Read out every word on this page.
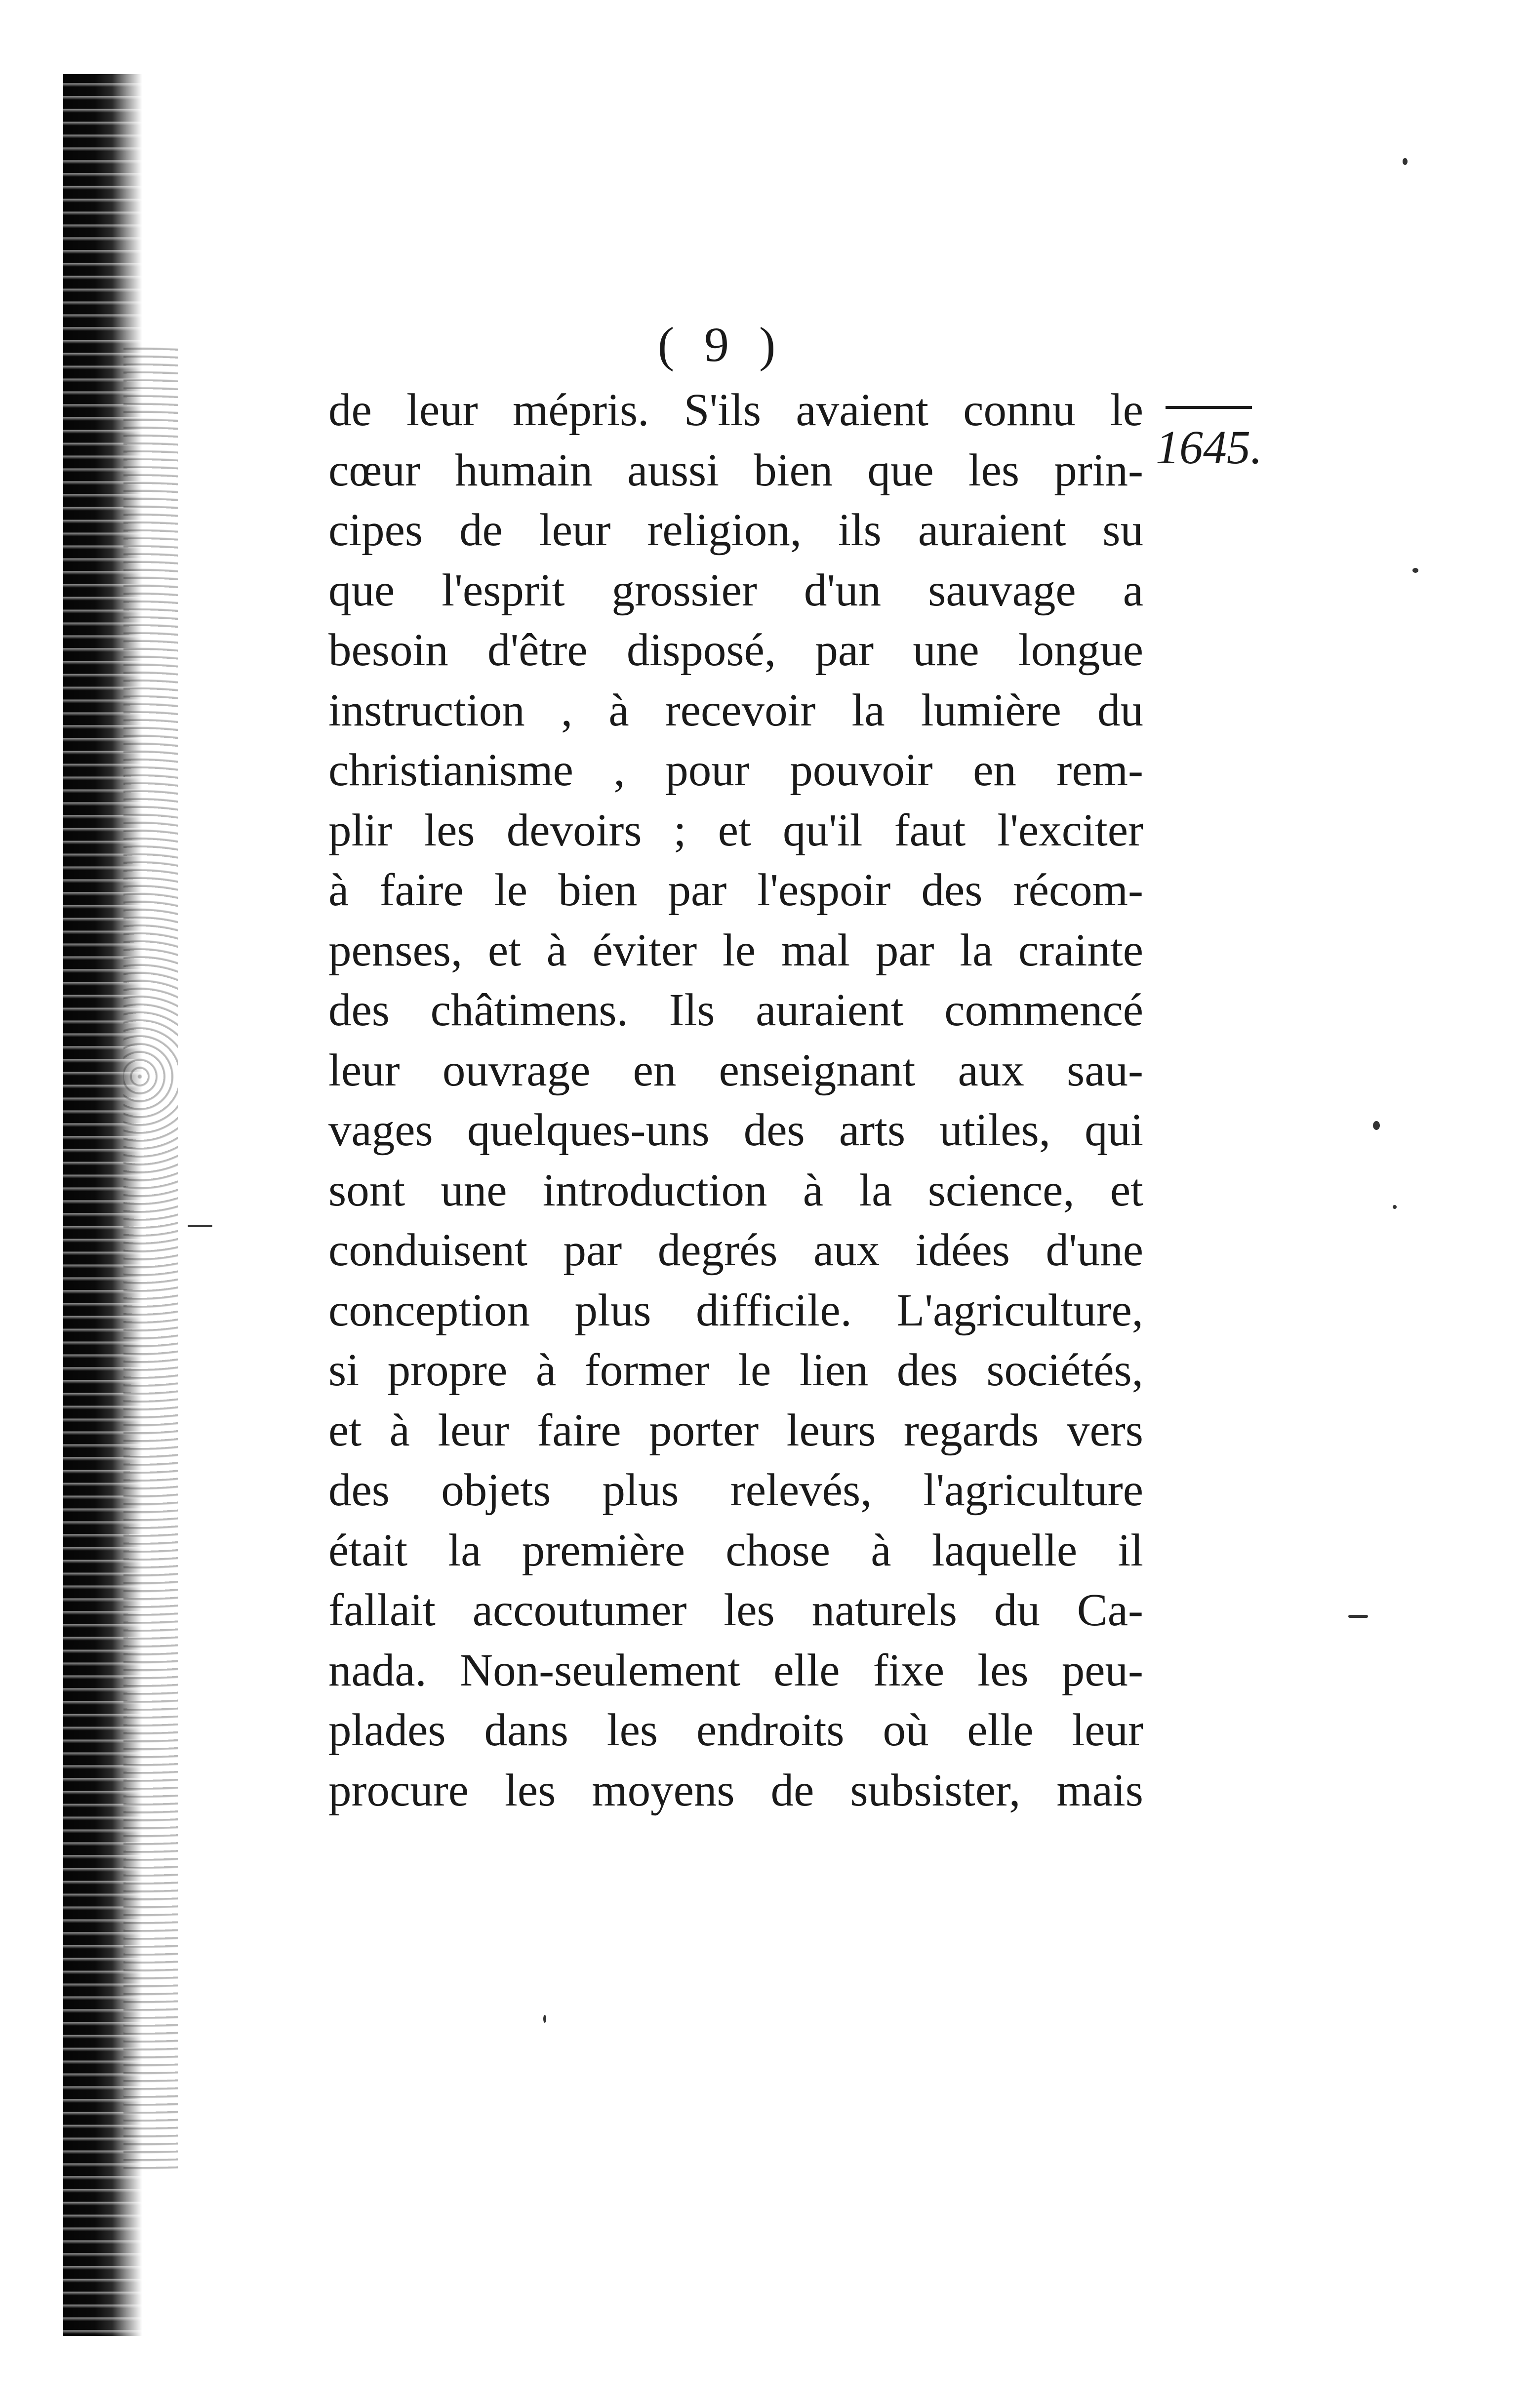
( 9 )
1645.
de leur mépris. S'ils avaient connu le
cœur humain aussi bien que les prin-
cipes de leur religion, ils auraient su
que l'esprit grossier d'un sauvage a
besoin d'être disposé, par une longue
instruction , à recevoir la lumière du
christianisme , pour pouvoir en rem-
plir les devoirs ; et qu'il faut l'exciter
à faire le bien par l'espoir des récom-
penses, et à éviter le mal par la crainte
des châtimens. Ils auraient commencé
leur ouvrage en enseignant aux sau-
vages quelques-uns des arts utiles, qui
sont une introduction à la science, et
conduisent par degrés aux idées d'une
conception plus difficile. L'agriculture,
si propre à former le lien des sociétés,
et à leur faire porter leurs regards vers
des objets plus relevés, l'agriculture
était la première chose à laquelle il
fallait accoutumer les naturels du Ca-
nada. Non-seulement elle fixe les peu-
plades dans les endroits où elle leur
procure les moyens de subsister, mais
